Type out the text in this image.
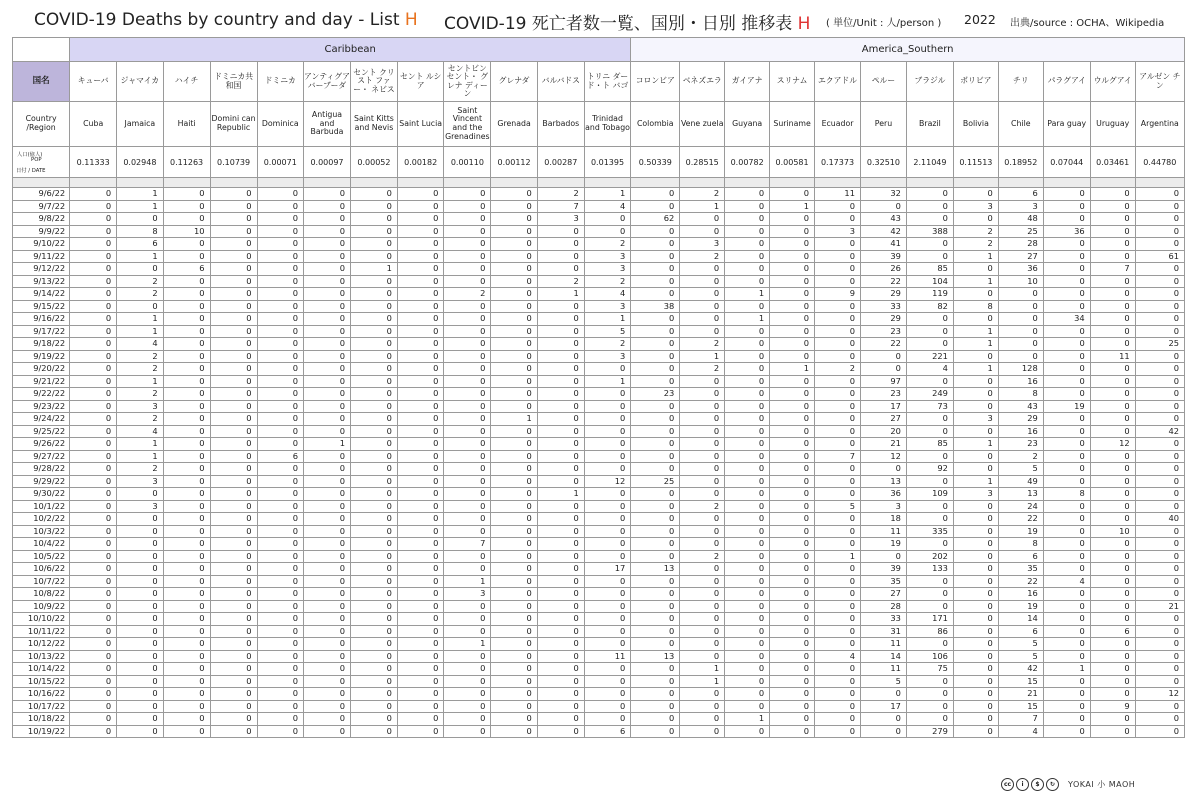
COVID-19 Deaths by country and day - List H COVID-19 死亡者数一覧、国別・日別 推移表 H ( 単位/Unit : 人/person ) 2022 出典/source : OCHA、Wikipedia
	Caribbean												America_Southern											
国名	キューバ	ジャマイカ	ハイチ	ドミニカ共和国	ドミニカ	アンティグア バーブーダ	セント クリスト ファー・ ネビス	セント ルシア	セントビン セント・ グレナ ディーン	グレナダ	バルバドス	トリニ ダード・ト バゴ	コロンビア	ベネズエラ	ガイアナ	スリナム	エクアドル	ペルー	ブラジル	ボリビア	チリ	パラグアイ	ウルグアイ	アルゼン チン
Country /Region	Cuba	Jamaica	Haiti	Domini can Republic	Dominica	Antigua and Barbuda	Saint Kitts and Nevis	Saint Lucia	Saint Vincent and the Grenadines	Grenada	Barbados	Trinidad and Tobago	Colombia	Vene zuela	Guyana	Suriname	Ecuador	Peru	Brazil	Bolivia	Chile	Para guay	Uruguay	Argentina

人口(億人)
POP
日付 / DATE	0.11333	0.02948	0.11263	0.10739	0.00071	0.00097	0.00052	0.00182	0.00110	0.00112	0.00287	0.01395	0.50339	0.28515	0.00782	0.00581	0.17373	0.32510	2.11049	0.11513	0.18952	0.07044	0.03461	0.44780

9/6/22	0	1	0	0	0	0	0	0	0	0	2	1	0	2	0	0	11	32	0	0	6	0	0	0
9/7/22	0	1	0	0	0	0	0	0	0	0	7	4	0	1	0	1	0	0	0	3	3	0	0	0
9/8/22	0	0	0	0	0	0	0	0	0	0	3	0	62	0	0	0	0	43	0	0	48	0	0	0
9/9/22	0	8	10	0	0	0	0	0	0	0	0	0	0	0	0	0	3	42	388	2	25	36	0	0
9/10/22	0	6	0	0	0	0	0	0	0	0	0	2	0	3	0	0	0	41	0	2	28	0	0	0
9/11/22	0	1	0	0	0	0	0	0	0	0	0	3	0	2	0	0	0	39	0	1	27	0	0	61
9/12/22	0	0	6	0	0	0	1	0	0	0	0	3	0	0	0	0	0	26	85	0	36	0	7	0
9/13/22	0	2	0	0	0	0	0	0	0	0	2	2	0	0	0	0	0	22	104	1	10	0	0	0
9/14/22	0	2	0	0	0	0	0	0	2	0	1	4	0	0	1	0	9	29	119	0	0	0	0	0
9/15/22	0	0	0	0	0	0	0	0	0	0	0	3	38	0	0	0	0	33	82	8	0	0	0	0
9/16/22	0	1	0	0	0	0	0	0	0	0	0	1	0	0	1	0	0	29	0	0	0	34	0	0
9/17/22	0	1	0	0	0	0	0	0	0	0	0	5	0	0	0	0	0	23	0	1	0	0	0	0
9/18/22	0	4	0	0	0	0	0	0	0	0	0	2	0	2	0	0	0	22	0	1	0	0	0	25
9/19/22	0	2	0	0	0	0	0	0	0	0	0	3	0	1	0	0	0	0	221	0	0	0	11	0
9/20/22	0	2	0	0	0	0	0	0	0	0	0	0	0	2	0	1	2	0	4	1	128	0	0	0
9/21/22	0	1	0	0	0	0	0	0	0	0	0	1	0	0	0	0	0	97	0	0	16	0	0	0
9/22/22	0	2	0	0	0	0	0	0	0	0	0	0	23	0	0	0	0	23	249	0	8	0	0	0
9/23/22	0	3	0	0	0	0	0	0	0	0	0	0	0	0	0	0	0	17	73	0	43	19	0	0
9/24/22	0	2	0	0	0	0	0	0	0	1	0	0	0	0	0	0	0	27	0	3	29	0	0	0
9/25/22	0	4	0	0	0	0	0	0	0	0	0	0	0	0	0	0	0	20	0	0	16	0	0	42
9/26/22	0	1	0	0	0	1	0	0	0	0	0	0	0	0	0	0	0	21	85	1	23	0	12	0
9/27/22	0	1	0	0	6	0	0	0	0	0	0	0	0	0	0	0	7	12	0	0	2	0	0	0
9/28/22	0	2	0	0	0	0	0	0	0	0	0	0	0	0	0	0	0	0	92	0	5	0	0	0
9/29/22	0	3	0	0	0	0	0	0	0	0	0	12	25	0	0	0	0	13	0	1	49	0	0	0
9/30/22	0	0	0	0	0	0	0	0	0	0	1	0	0	0	0	0	0	36	109	3	13	8	0	0
10/1/22	0	3	0	0	0	0	0	0	0	0	0	0	0	2	0	0	5	3	0	0	24	0	0	0
10/2/22	0	0	0	0	0	0	0	0	0	0	0	0	0	0	0	0	0	18	0	0	22	0	0	40
10/3/22	0	0	0	0	0	0	0	0	0	0	0	0	0	0	0	0	0	11	335	0	19	0	10	0
10/4/22	0	0	0	0	0	0	0	0	7	0	0	0	0	0	0	0	0	19	0	0	8	0	0	0
10/5/22	0	0	0	0	0	0	0	0	0	0	0	0	0	2	0	0	1	0	202	0	6	0	0	0
10/6/22	0	0	0	0	0	0	0	0	0	0	0	17	13	0	0	0	0	39	133	0	35	0	0	0
10/7/22	0	0	0	0	0	0	0	0	1	0	0	0	0	0	0	0	0	35	0	0	22	4	0	0
10/8/22	0	0	0	0	0	0	0	0	3	0	0	0	0	0	0	0	0	27	0	0	16	0	0	0
10/9/22	0	0	0	0	0	0	0	0	0	0	0	0	0	0	0	0	0	28	0	0	19	0	0	21
10/10/22	0	0	0	0	0	0	0	0	0	0	0	0	0	0	0	0	0	33	171	0	14	0	0	0
10/11/22	0	0	0	0	0	0	0	0	0	0	0	0	0	0	0	0	0	31	86	0	6	0	6	0
10/12/22	0	0	0	0	0	0	0	0	1	0	0	0	0	0	0	0	0	11	0	0	5	0	0	0
10/13/22	0	0	0	0	0	0	0	0	0	0	0	11	13	0	0	0	4	14	106	0	5	0	0	0
10/14/22	0	0	0	0	0	0	0	0	0	0	0	0	0	1	0	0	0	11	75	0	42	1	0	0
10/15/22	0	0	0	0	0	0	0	0	0	0	0	0	0	1	0	0	0	5	0	0	15	0	0	0
10/16/22	0	0	0	0	0	0	0	0	0	0	0	0	0	0	0	0	0	0	0	0	21	0	0	12
10/17/22	0	0	0	0	0	0	0	0	0	0	0	0	0	0	0	0	0	17	0	0	15	0	9	0
10/18/22	0	0	0	0	0	0	0	0	0	0	0	0	0	0	1	0	0	0	0	0	7	0	0	0
10/19/22	0	0	0	0	0	0	0	0	0	0	0	6	0	0	0	0	0	0	279	0	4	0	0	0
cc	i	$	↻	YOKAI 小 MAOH
